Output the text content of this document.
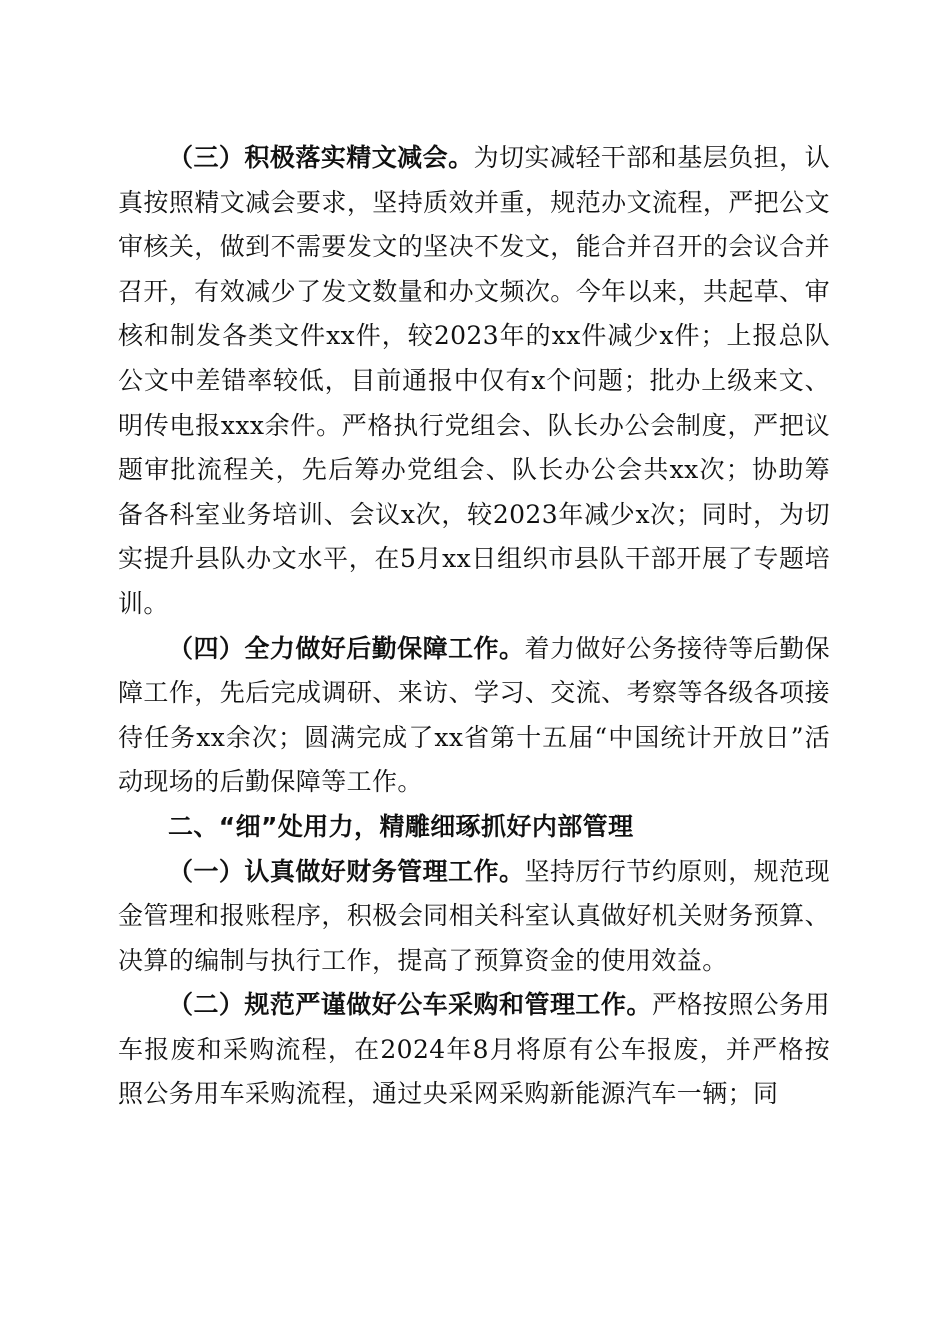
（三）积极落实精文减会。为切实减轻干部和基层负担，认真按照精文减会要求，坚持质效并重，规范办文流程，严把公文审核关，做到不需要发文的坚决不发文，能合并召开的会议合并召开，有效减少了发文数量和办文频次。今年以来，共起草、审核和制发各类文件xx件，较2023年的xx件减少x件；上报总队公文中差错率较低，目前通报中仅有x个问题；批办上级来文、明传电报xxx余件。严格执行党组会、队长办公会制度，严把议题审批流程关，先后筹办党组会、队长办公会共xx次；协助筹备各科室业务培训、会议x次，较2023年减少x次；同时，为切实提升县队办文水平，在5月xx日组织市县队干部开展了专题培训。

（四）全力做好后勤保障工作。着力做好公务接待等后勤保障工作，先后完成调研、来访、学习、交流、考察等各级各项接待任务xx余次；圆满完成了xx省第十五届“中国统计开放日”活动现场的后勤保障等工作。

二、“细”处用力，精雕细琢抓好内部管理

（一）认真做好财务管理工作。坚持厉行节约原则，规范现金管理和报账程序，积极会同相关科室认真做好机关财务预算、决算的编制与执行工作，提高了预算资金的使用效益。

（二）规范严谨做好公车采购和管理工作。严格按照公务用车报废和采购流程，在2024年8月将原有公车报废，并严格按照公务用车采购流程，通过央采网采购新能源汽车一辆；同
